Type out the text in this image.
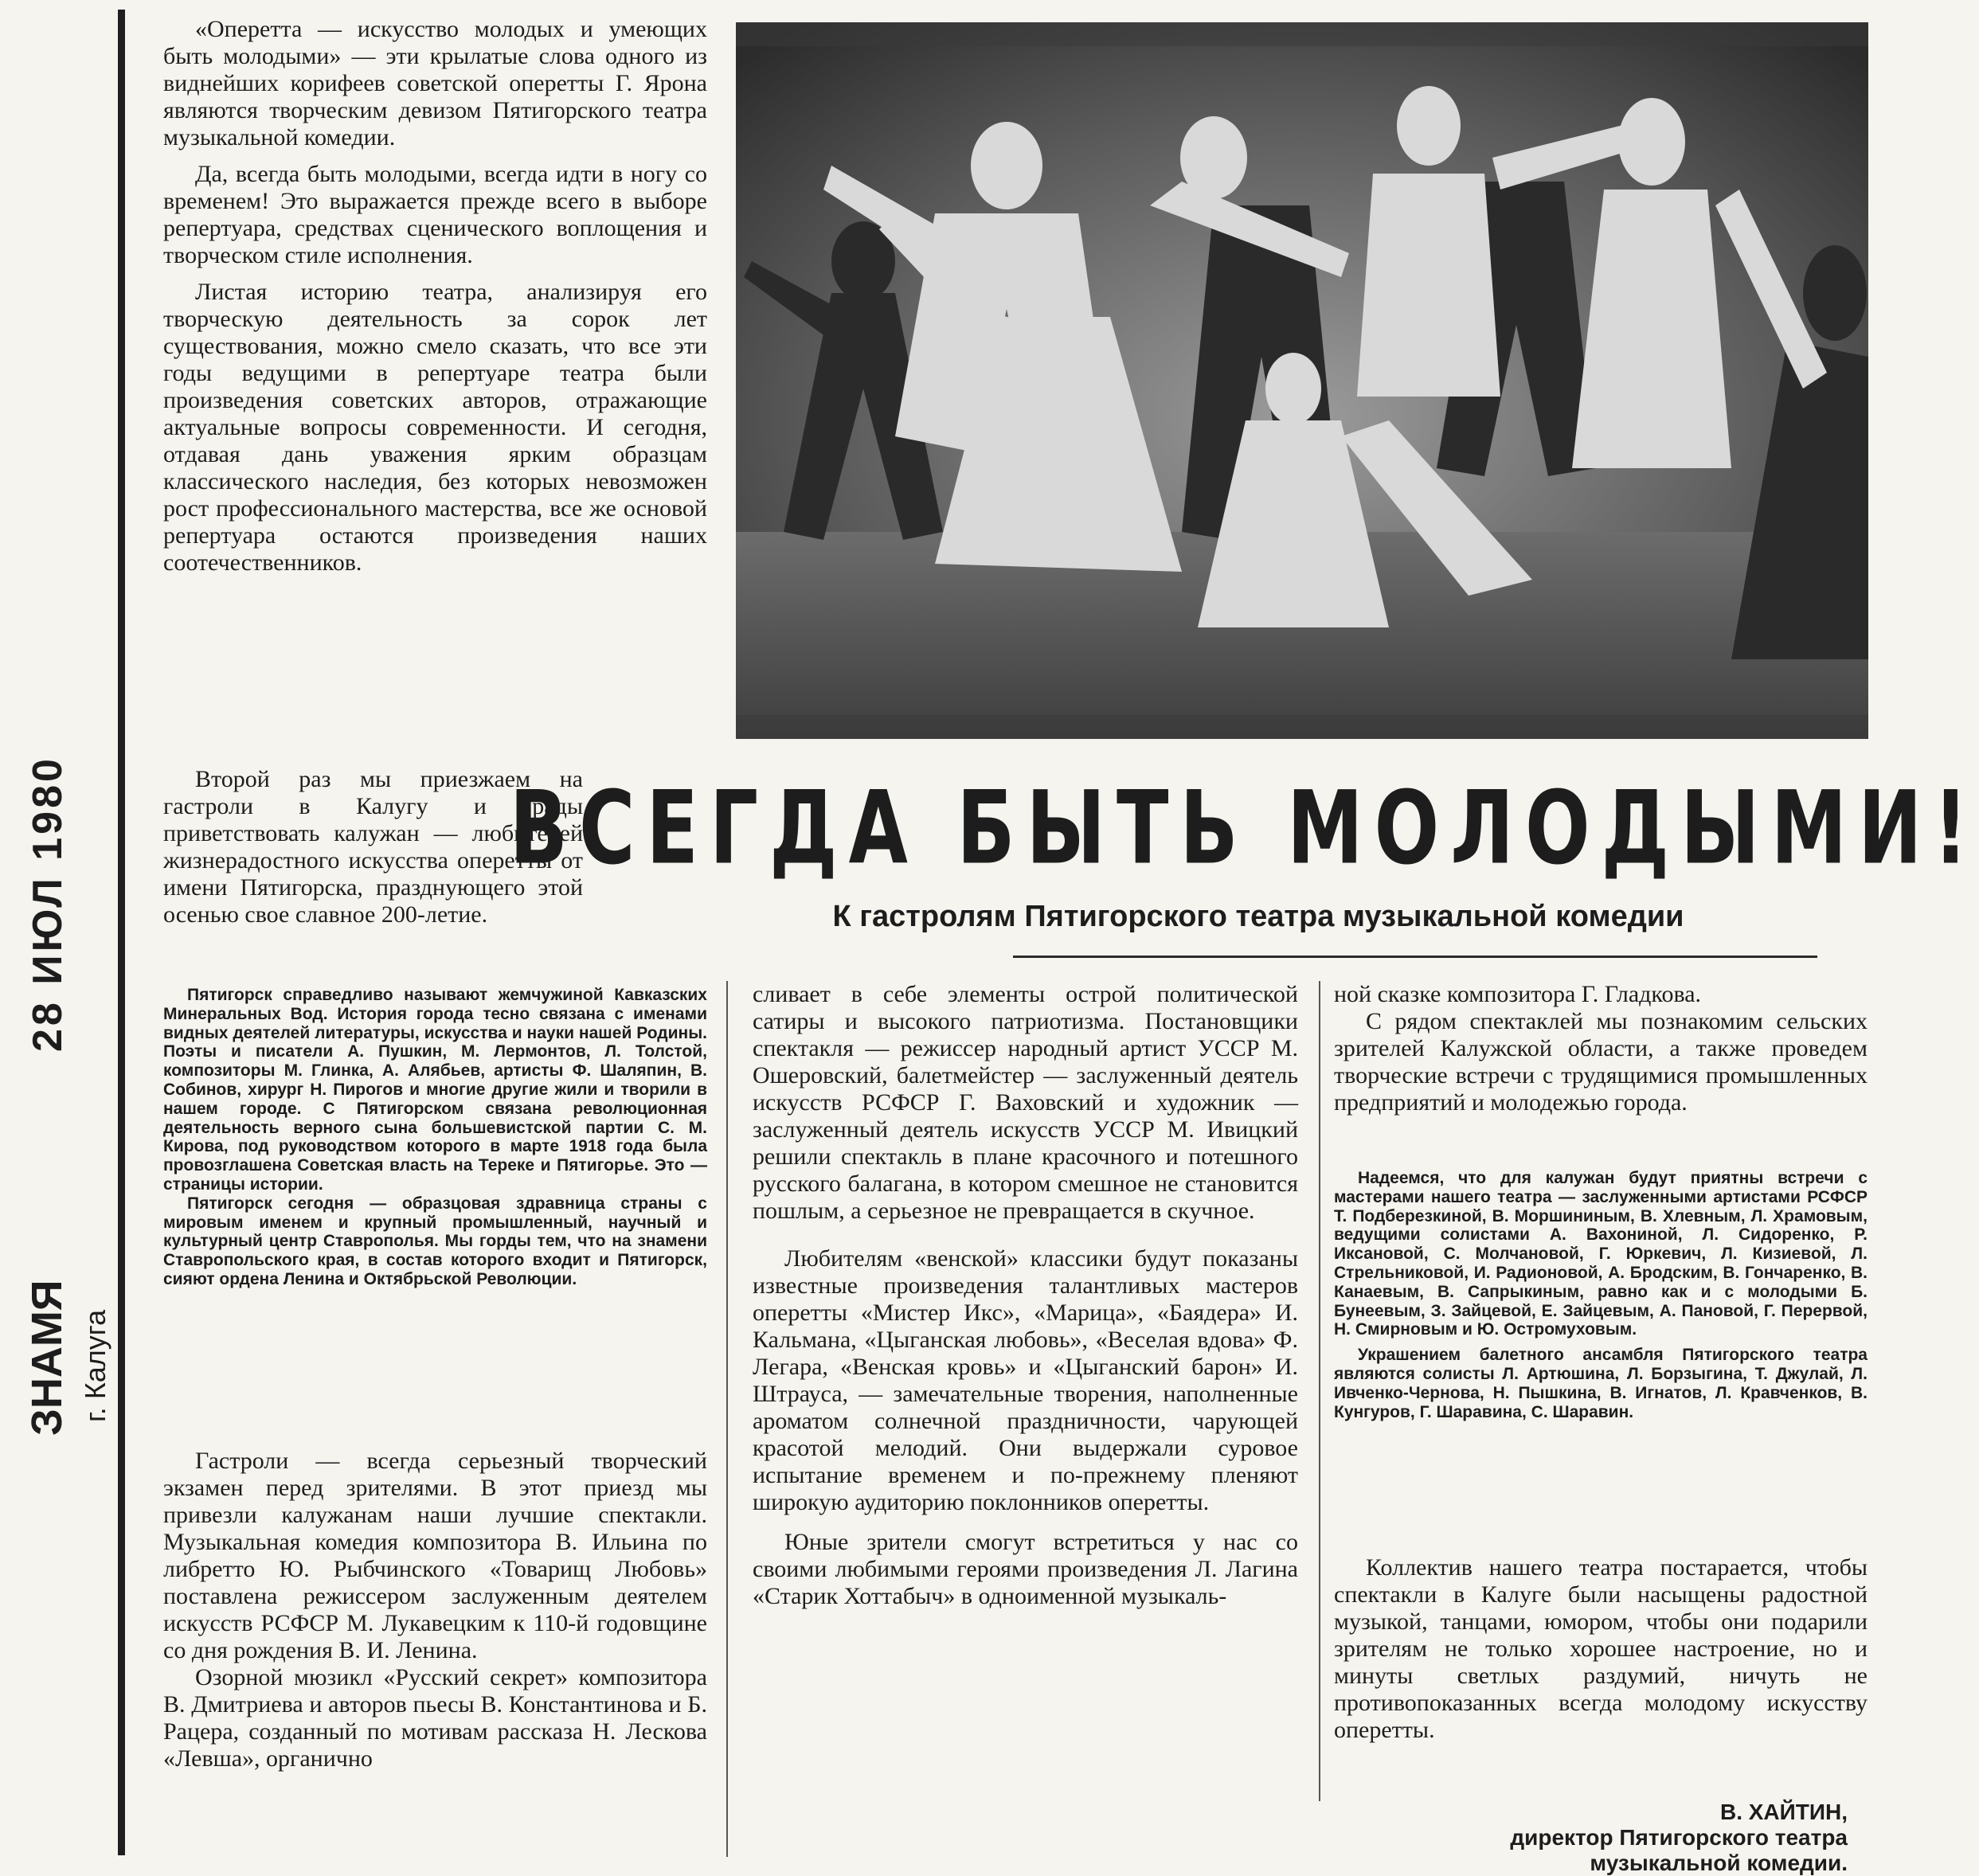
28 ИЮЛ 1980
ЗНАМЯ г. Калуга

«Оперетта — искусство молодых и умеющих быть молодыми» — эти крылатые слова одного из виднейших корифеев советской оперетты Г. Ярона являются творческим девизом Пятигорского театра музыкальной комедии.

Да, всегда быть молодыми, всегда идти в ногу со временем! Это выражается прежде всего в выборе репертуара, средствах сценического воплощения и творческом стиле исполнения.

Листая историю театра, анализируя его творческую деятельность за сорок лет существования, можно смело сказать, что все эти годы ведущими в репертуаре театра были произведения советских авторов, отражающие актуальные вопросы современности. И сегодня, отдавая дань уважения ярким образцам классического наследия, без которых невозможен рост профессионального мастерства, все же основой репертуара остаются произведения наших соотечественников.

Второй раз мы приезжаем на гастроли в Калугу и рады приветствовать калужан — любителей жизнерадостного искусства оперетты от имени Пятигорска, празднующего этой осенью свое славное 200-летие.

Пятигорск справедливо называют жемчужиной Кавказских Минеральных Вод. История города тесно связана с именами видных деятелей литературы, искусства и науки нашей Родины. Поэты и писатели А. Пушкин, М. Лермонтов, Л. Толстой, композиторы М. Глинка, А. Алябьев, артисты Ф. Шаляпин, В. Собинов, хирург Н. Пирогов и многие другие жили и творили в нашем городе. С Пятигорском связана революционная деятельность верного сына большевистской партии С. М. Кирова, под руководством которого в марте 1918 года была провозглашена Советская власть на Тереке и Пятигорье. Это — страницы истории.

Пятигорск сегодня — образцовая здравница страны с мировым именем и крупный промышленный, научный и культурный центр Ставрополья. Мы горды тем, что на знамени Ставропольского края, в состав которого входит и Пятигорск, сияют ордена Ленина и Октябрьской Революции.

Гастроли — всегда серьезный творческий экзамен перед зрителями. В этот приезд мы привезли калужанам наши лучшие спектакли. Музыкальная комедия композитора В. Ильина по либретто Ю. Рыбчинского «Товарищ Любовь» поставлена режиссером заслуженным деятелем искусств РСФСР М. Лукавецким к 110-й годовщине со дня рождения В. И. Ленина.

Озорной мюзикл «Русский секрет» композитора В. Дмитриева и авторов пьесы В. Константинова и Б. Рацера, созданный по мотивам рассказа Н. Лескова «Левша», органично

ВСЕГДА БЫТЬ МОЛОДЫМИ!
К гастролям Пятигорского театра музыкальной комедии

сливает в себе элементы острой политической сатиры и высокого патриотизма. Постановщики спектакля — режиссер народный артист УССР М. Ошеровский, балетмейстер — заслуженный деятель искусств РСФСР Г. Ваховский и художник — заслуженный деятель искусств УССР М. Ивицкий решили спектакль в плане красочного и потешного русского балагана, в котором смешное не становится пошлым, а серьезное не превращается в скучное.

Любителям «венской» классики будут показаны известные произведения талантливых мастеров оперетты «Мистер Икс», «Марица», «Баядера» И. Кальмана, «Цыганская любовь», «Веселая вдова» Ф. Легара, «Венская кровь» и «Цыганский барон» И. Штрауса, — замечательные творения, наполненные ароматом солнечной праздничности, чарующей красотой мелодий. Они выдержали суровое испытание временем и по-прежнему пленяют широкую аудиторию поклонников оперетты.

Юные зрители смогут встретиться у нас со своими любимыми героями произведения Л. Лагина «Старик Хоттабыч» в одноименной музыкаль-

ной сказке композитора Г. Гладкова.

С рядом спектаклей мы познакомим сельских зрителей Калужской области, а также проведем творческие встречи с трудящимися промышленных предприятий и молодежью города.

Надеемся, что для калужан будут приятны встречи с мастерами нашего театра — заслуженными артистами РСФСР Т. Подберезкиной, В. Моршининым, В. Хлевным, Л. Храмовым, ведущими солистами А. Вахониной, Л. Сидоренко, Р. Иксановой, С. Молчановой, Г. Юркевич, Л. Кизиевой, Л. Стрельниковой, И. Радионовой, А. Бродским, В. Гончаренко, В. Канаевым, В. Сапрыкиным, равно как и с молодыми Б. Бунеевым, З. Зайцевой, Е. Зайцевым, А. Пановой, Г. Перервой, Н. Смирновым и Ю. Остромуховым.

Украшением балетного ансамбля Пятигорского театра являются солисты Л. Артюшина, Л. Борзыгина, Т. Джулай, Л. Ивченко-Чернова, Н. Пышкина, В. Игнатов, Л. Кравченков, В. Кунгуров, Г. Шаравина, С. Шаравин.

Коллектив нашего театра постарается, чтобы спектакли в Калуге были насыщены радостной музыкой, танцами, юмором, чтобы они подарили зрителям не только хорошее настроение, но и минуты светлых раздумий, ничуть не противопоказанных всегда молодому искусству оперетты.

В. ХАЙТИН,
директор Пятигорского театра
музыкальной комедии.
